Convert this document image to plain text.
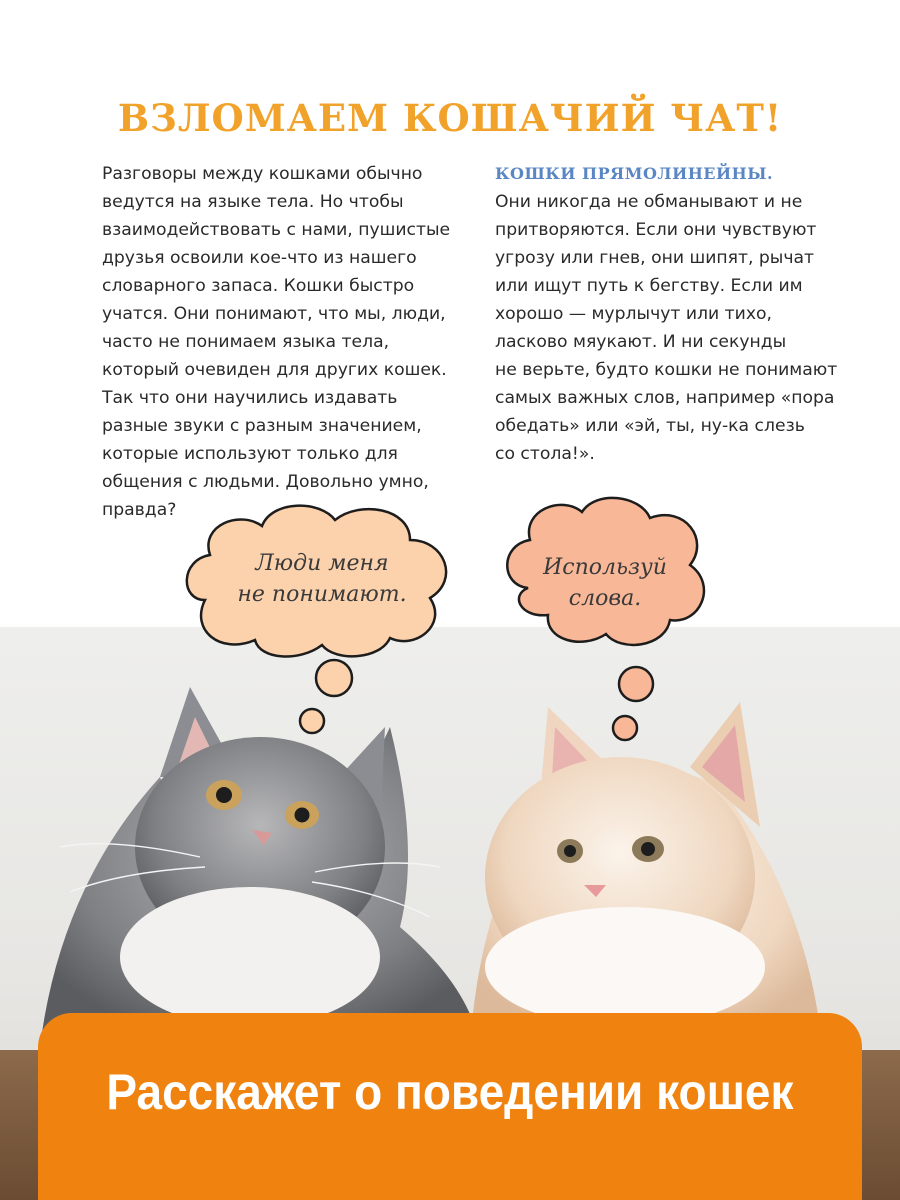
ВЗЛОМАЕМ КОШАЧИЙ ЧАТ!
Разговоры между кошками обычно
ведутся на языке тела. Но чтобы
взаимодействовать с нами, пушистые
друзья освоили кое-что из нашего
словарного запаса. Кошки быстро
учатся. Они понимают, что мы, люди,
часто не понимаем языка тела,
который очевиден для других кошек.
Так что они научились издавать
разные звуки с разным значением,
которые используют только для
общения с людьми. Довольно умно,
правда?
КОШКИ ПРЯМОЛИНЕЙНЫ.
Они никогда не обманывают и не
притворяются. Если они чувствуют
угрозу или гнев, они шипят, рычат
или ищут путь к бегству. Если им
хорошо — мурлычут или тихо,
ласково мяукают. И ни секунды
не верьте, будто кошки не понимают
самых важных слов, например «пора
обедать» или «эй, ты, ну-ка слезь
со стола!».
Люди меня
не понимают.
Используй
слова.
Расскажет о поведении кошек
